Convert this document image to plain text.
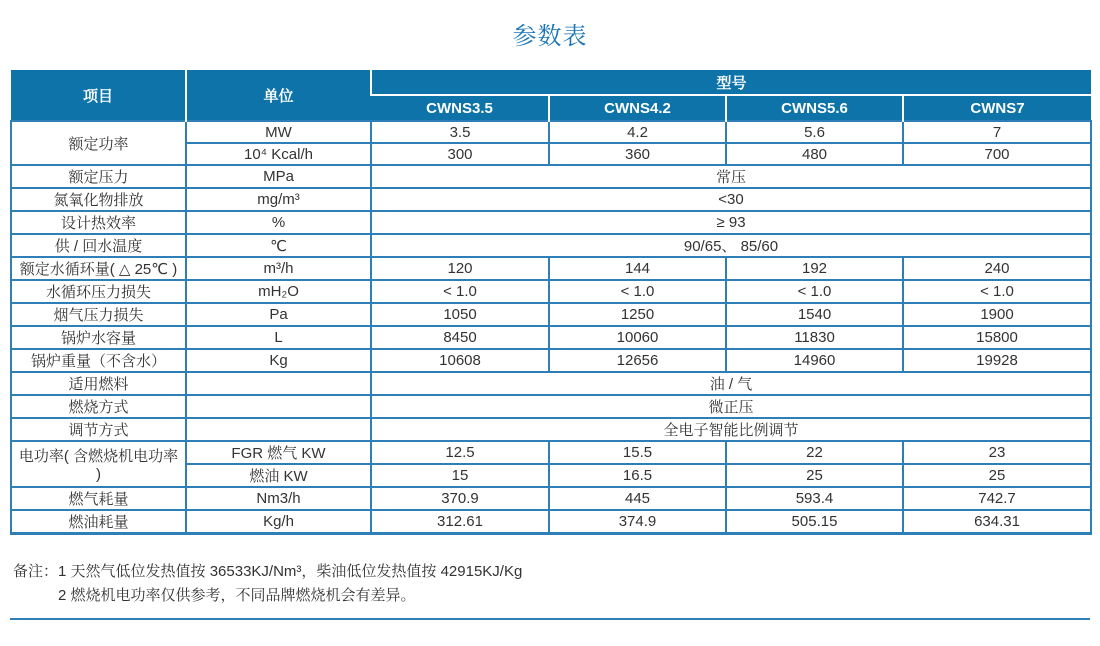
参数表
项目	单位	型号			
		CWNS3.5	CWNS4.2	CWNS5.6	CWNS7
额定功率	MW	3.5	4.2	5.6	7
	10⁴ Kcal/h	300	360	480	700
额定压力	MPa	常压			
氮氧化物排放	mg/m³	<30			
设计热效率	%	≥ 93			
供 / 回水温度	℃	90/65、 85/60			
额定水循环量( △ 25℃ )	m³/h	120	144	192	240
水循环压力损失	mH₂O	< 1.0	< 1.0	< 1.0	< 1.0
烟气压力损失	Pa	1050	1250	1540	1900
锅炉水容量	L	8450	10060	11830	15800
锅炉重量（不含水）	Kg	10608	12656	14960	19928
适用燃料		油 / 气			
燃烧方式		微正压			
调节方式		全电子智能比例调节			
电功率( 含燃烧机电功率 )	FGR 燃气 KW	12.5	15.5	22	23
	燃油 KW	15	16.5	25	25
燃气耗量	Nm3/h	370.9	445	593.4	742.7
燃油耗量	Kg/h	312.61	374.9	505.15	634.31
备注： 1 天然气低位发热值按 36533KJ/Nm³，柴油低位发热值按 42915KJ/Kg
2 燃烧机电功率仅供参考，不同品牌燃烧机会有差异。
